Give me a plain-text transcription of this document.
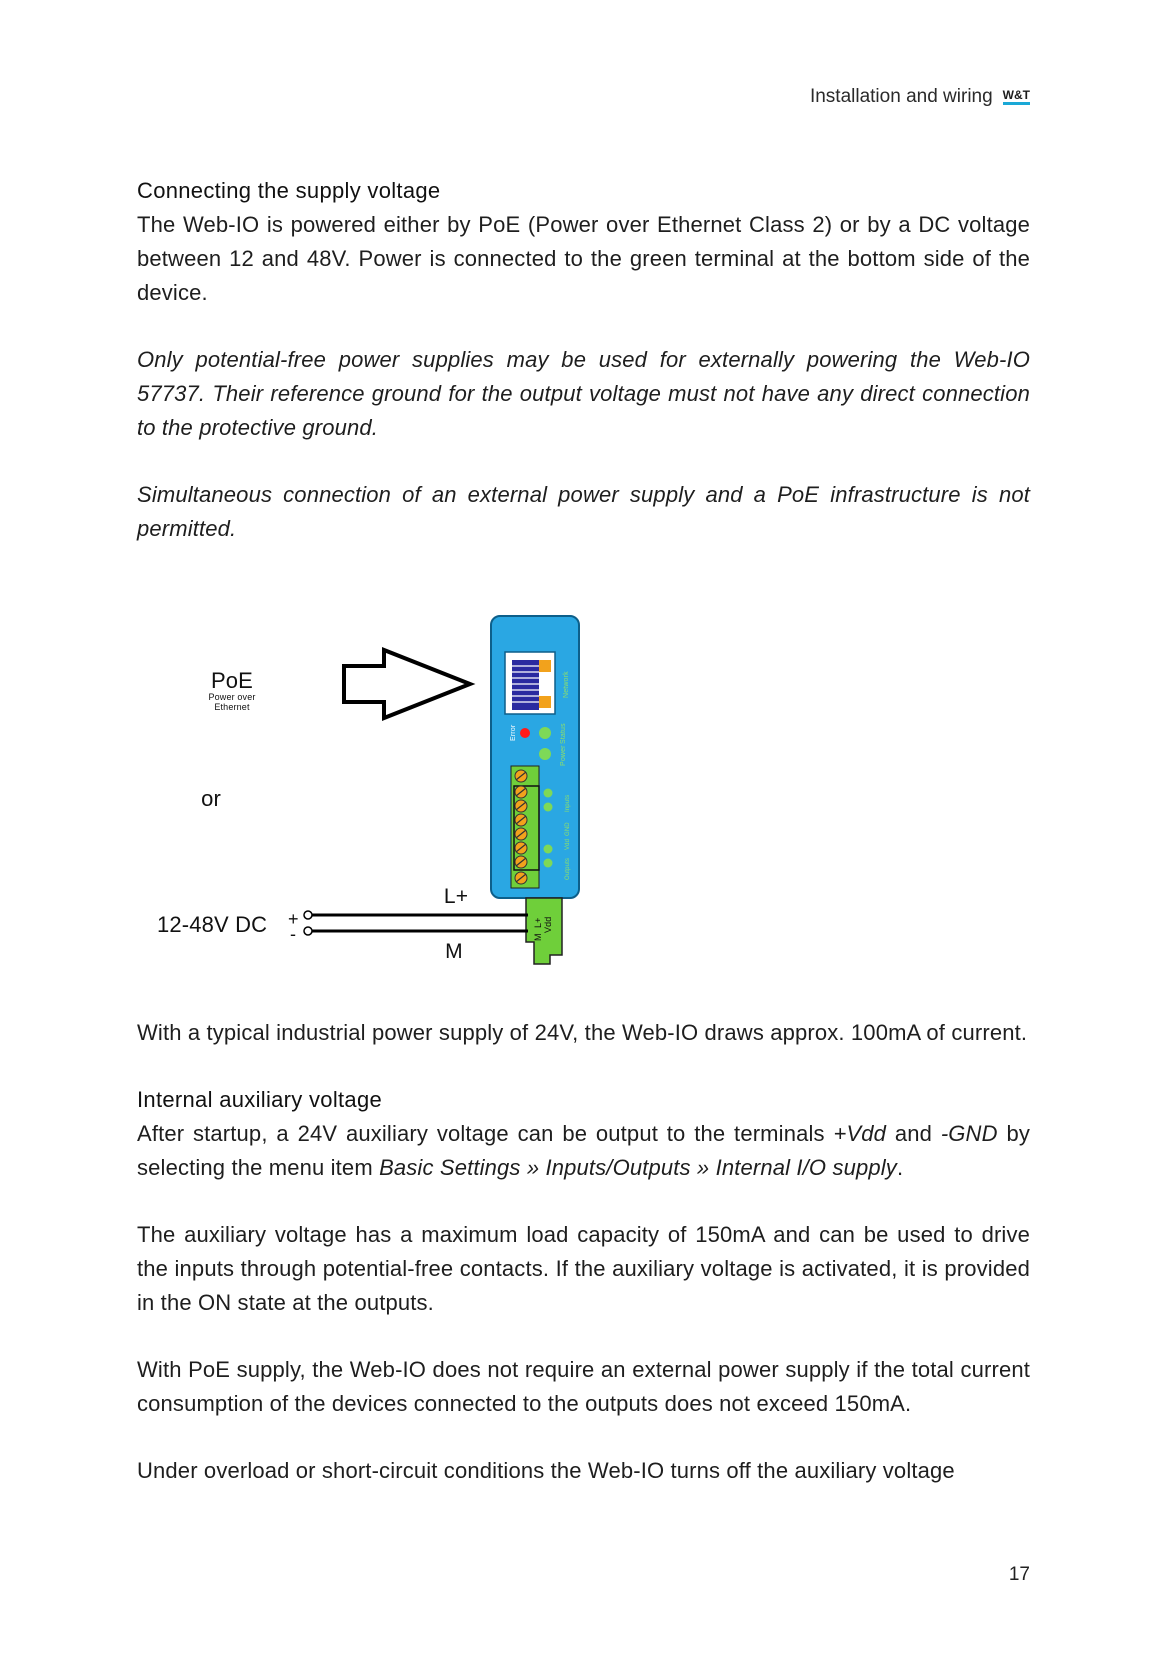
Installation and wiring W&T
Connecting the supply voltage

The Web-IO is powered either by PoE (Power over Ethernet Class 2) or by a DC voltage between 12 and 48V. Power is connected to the green terminal at the bottom side of the device.

Only potential-free power supplies may be used for externally powering the Web-IO 57737. Their reference ground for the output voltage must not have any direct connection to the protective ground.

Simultaneous connection of an external power supply and a PoE infrastructure is not permitted.

PoE
Power over
Ethernet
or
Network
Error	Status
Power
Inputs
GND
Vdd
Outputs
M
L+ Vdd
L+
M
12-48V DC +
-

With a typical industrial power supply of 24V, the Web-IO draws approx. 100mA of current.

Internal auxiliary voltage

After startup, a 24V auxiliary voltage can be output to the terminals +Vdd and -GND by selecting the menu item Basic Settings » Inputs/Outputs » Internal I/O supply.

The auxiliary voltage has a maximum load capacity of 150mA and can be used to drive the inputs through potential-free contacts. If the auxiliary voltage is activated, it is provided in the ON state at the outputs.

With PoE supply, the Web-IO does not require an external power supply if the total current consumption of the devices connected to the outputs does not exceed 150mA.

Under overload or short-circuit conditions the Web-IO turns off the auxiliary voltage

17
